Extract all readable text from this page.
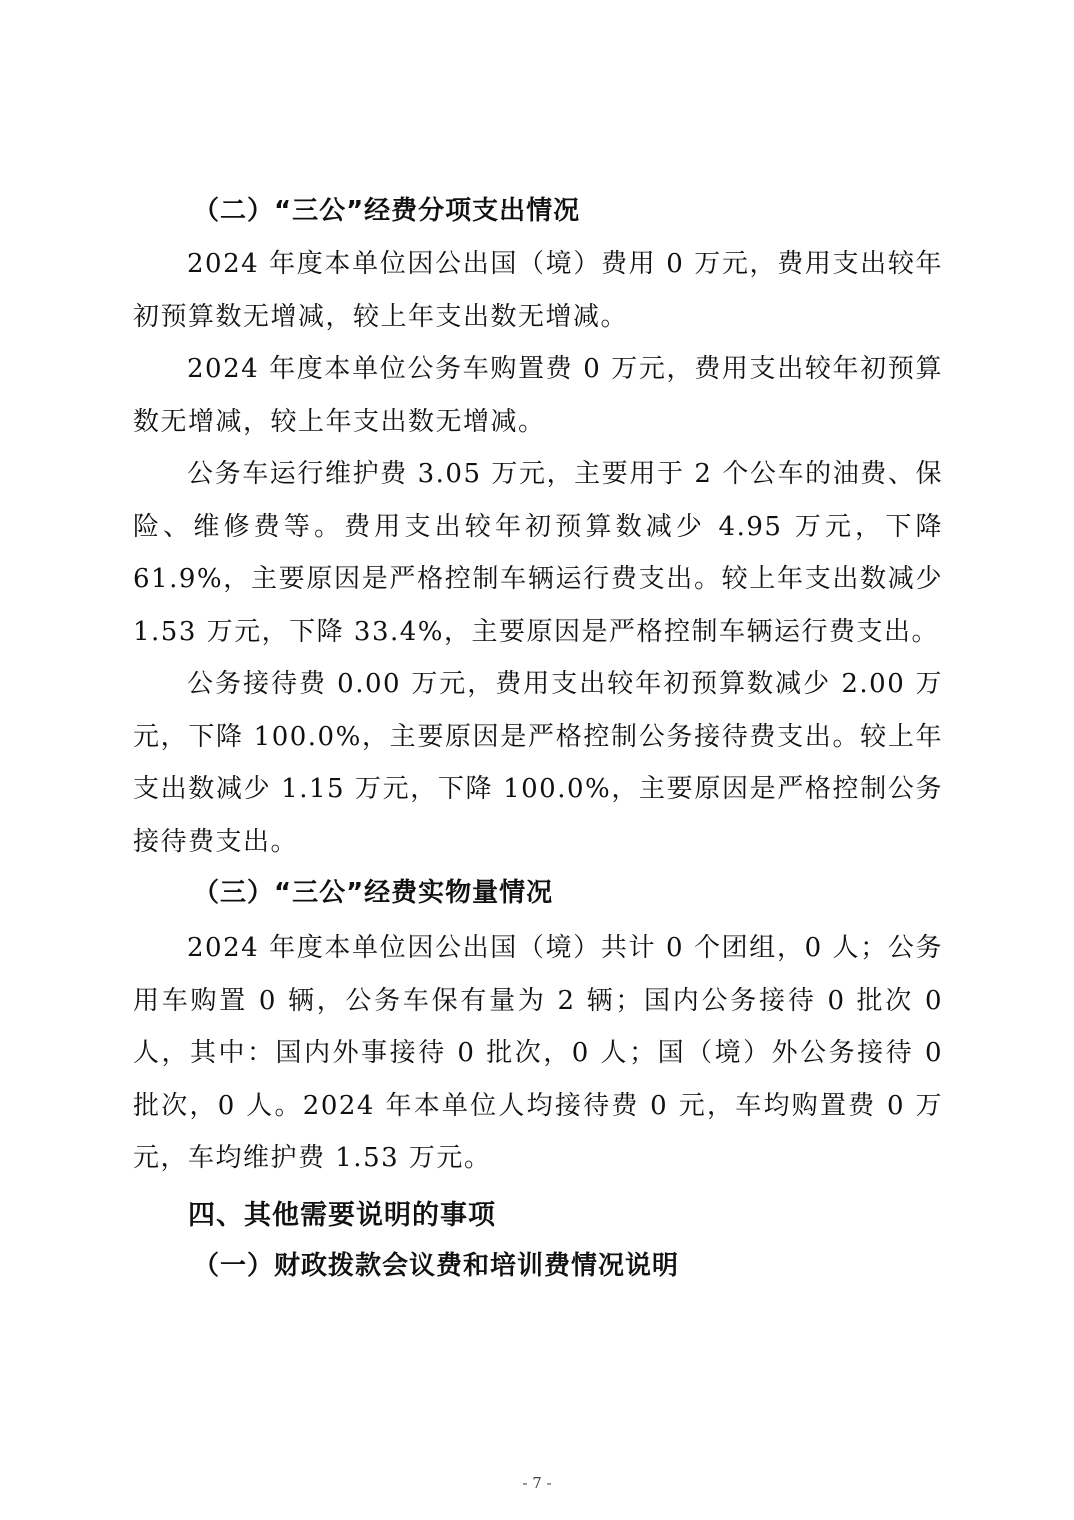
（二）“三公”经费分项支出情况

2024 年度本单位因公出国（境）费用 0 万元，费用支出较年初预算数无增减，较上年支出数无增减。

2024 年度本单位公务车购置费 0 万元，费用支出较年初预算数无增减，较上年支出数无增减。

公务车运行维护费 3.05 万元，主要用于 2 个公车的油费、保险、维修费等。费用支出较年初预算数减少 4.95 万元，下降 61.9%，主要原因是严格控制车辆运行费支出。较上年支出数减少 1.53 万元，下降 33.4%，主要原因是严格控制车辆运行费支出。

公务接待费 0.00 万元，费用支出较年初预算数减少 2.00 万元，下降 100.0%，主要原因是严格控制公务接待费支出。较上年支出数减少 1.15 万元，下降 100.0%，主要原因是严格控制公务接待费支出。

（三）“三公”经费实物量情况

2024 年度本单位因公出国（境）共计 0 个团组，0 人；公务用车购置 0 辆，公务车保有量为 2 辆；国内公务接待 0 批次 0 人，其中：国内外事接待 0 批次，0 人；国（境）外公务接待 0 批次，0 人。2024 年本单位人均接待费 0 元，车均购置费 0 万元，车均维护费 1.53 万元。

四、其他需要说明的事项
（一）财政拨款会议费和培训费情况说明
- 7 -
